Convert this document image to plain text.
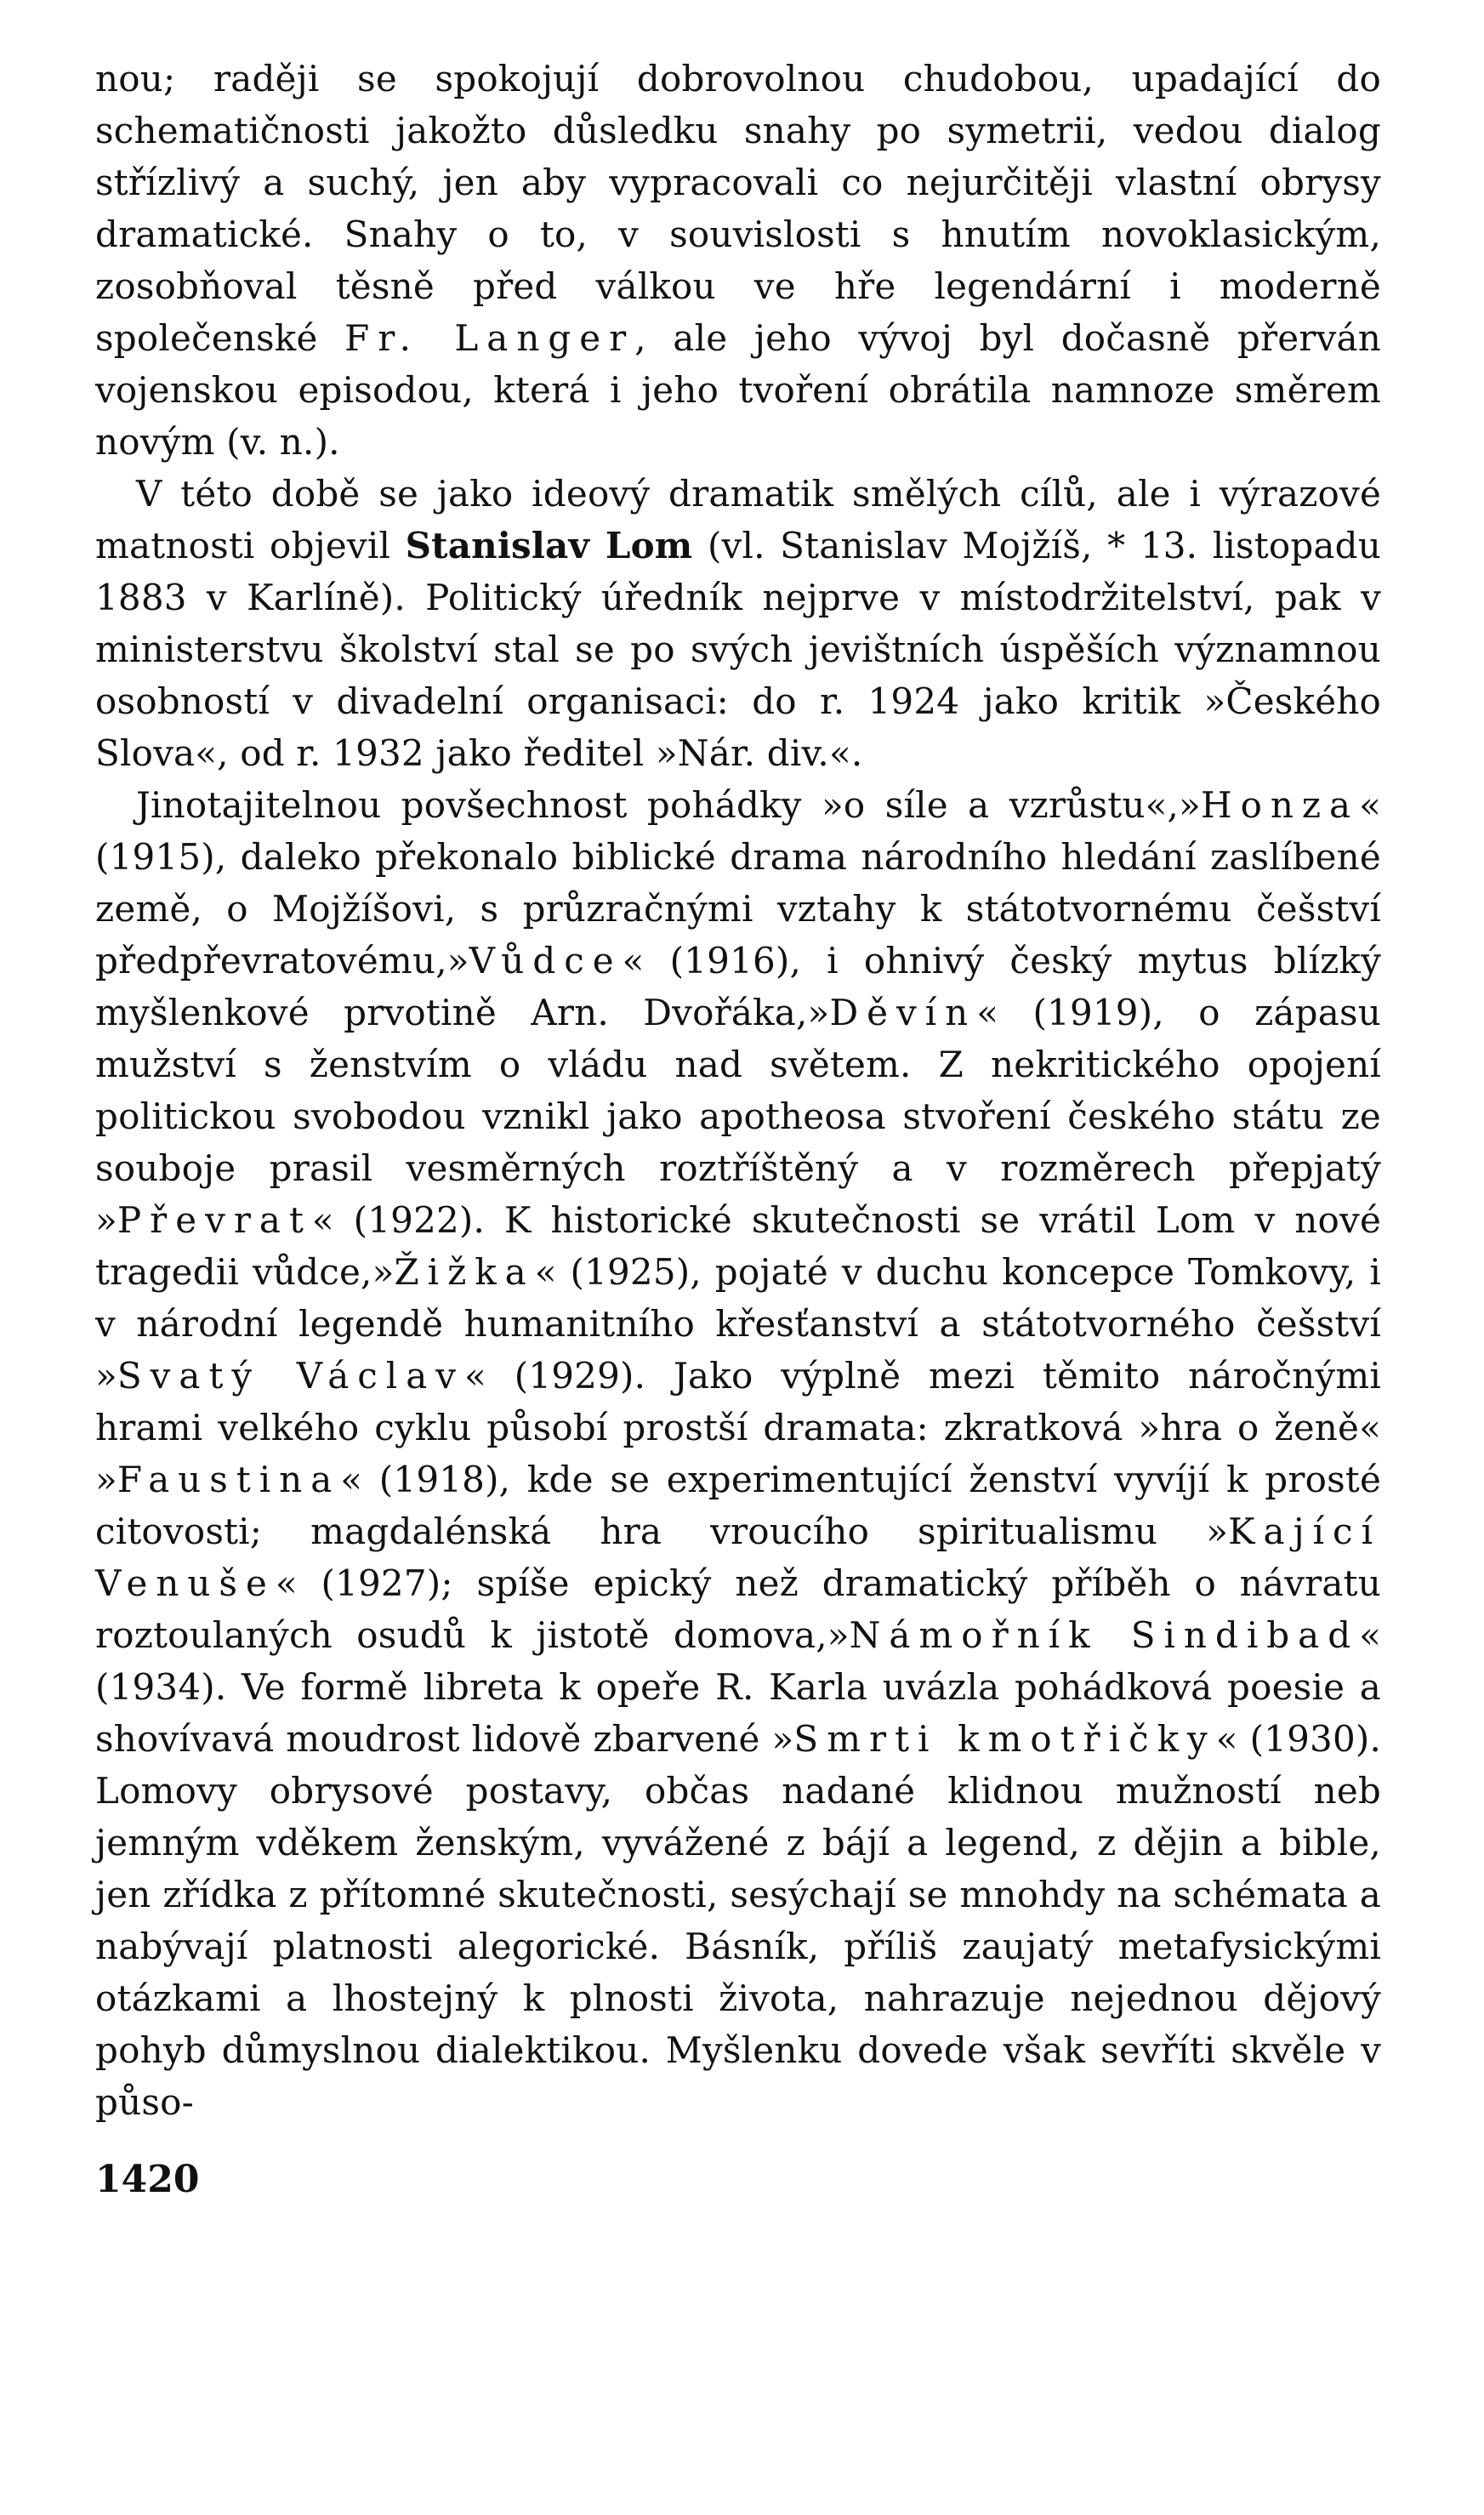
nou; raději se spokojují dobrovolnou chudobou, upadající do schematičnosti jakožto důsledku snahy po symetrii, vedou dialog střízlivý a suchý, jen aby vypracovali co nejurčitěji vlastní obrysy dramatické. Snahy o to, v souvislosti s hnutím novoklasickým, zosobňoval těsně před válkou ve hře legendární i moderně společenské Fr. Langer, ale jeho vývoj byl dočasně přerván vojenskou episodou, která i jeho tvoření obrátila namnoze směrem novým (v. n.).

V této době se jako ideový dramatik smělých cílů, ale i výrazové matnosti objevil Stanislav Lom (vl. Stanislav Mojžíš, * 13. listopadu 1883 v Karlíně). Politický úředník nejprve v místodržitelství, pak v ministerstvu školství stal se po svých jevištních úspěších významnou osobností v divadelní organisaci: do r. 1924 jako kritik »Českého Slova«, od r. 1932 jako ředitel »Nár. div.«.

Jinotajitelnou povšechnost pohádky »o síle a vzrůstu«,»Honza« (1915), daleko překonalo biblické drama národního hledání zaslíbené země, o Mojžíšovi, s průzračnými vztahy k státotvornému češství předpřevratovému,»Vůdce« (1916), i ohnivý český mytus blízký myšlenkové prvotině Arn. Dvořáka,»Děvín« (1919), o zápasu mužství s ženstvím o vládu nad světem. Z nekritického opojení politickou svobodou vznikl jako apotheosa stvoření českého státu ze souboje prasil vesměrných roztříštěný a v rozměrech přepjatý »Převrat« (1922). K historické skutečnosti se vrátil Lom v nové tragedii vůdce,»Žižka« (1925), pojaté v duchu koncepce Tomkovy, i v národní legendě humanitního křesťanství a státotvorného češství »Svatý Václav« (1929). Jako výplně mezi těmito náročnými hrami velkého cyklu působí prostší dramata: zkratková »hra o ženě« »Faustina« (1918), kde se experimentující ženství vyvíjí k prosté citovosti; magdalénská hra vroucího spiritualismu »Kající Venuše« (1927); spíše epický než dramatický příběh o návratu roztoulaných osudů k jistotě domova,»Námořník Sindibad« (1934). Ve formě libreta k opeře R. Karla uvázla pohádková poesie a shovívavá moudrost lidově zbarvené »Smrti kmotřičky« (1930). Lomovy obrysové postavy, občas nadané klidnou mužností neb jemným vděkem ženským, vyvážené z bájí a legend, z dějin a bible, jen zřídka z přítomné skutečnosti, sesýchají se mnohdy na schémata a nabývají platnosti alegorické. Básník, příliš zaujatý metafysickými otázkami a lhostejný k plnosti života, nahrazuje nejednou dějový pohyb důmyslnou dialektikou. Myšlenku dovede však sevříti skvěle v půso-

1420
